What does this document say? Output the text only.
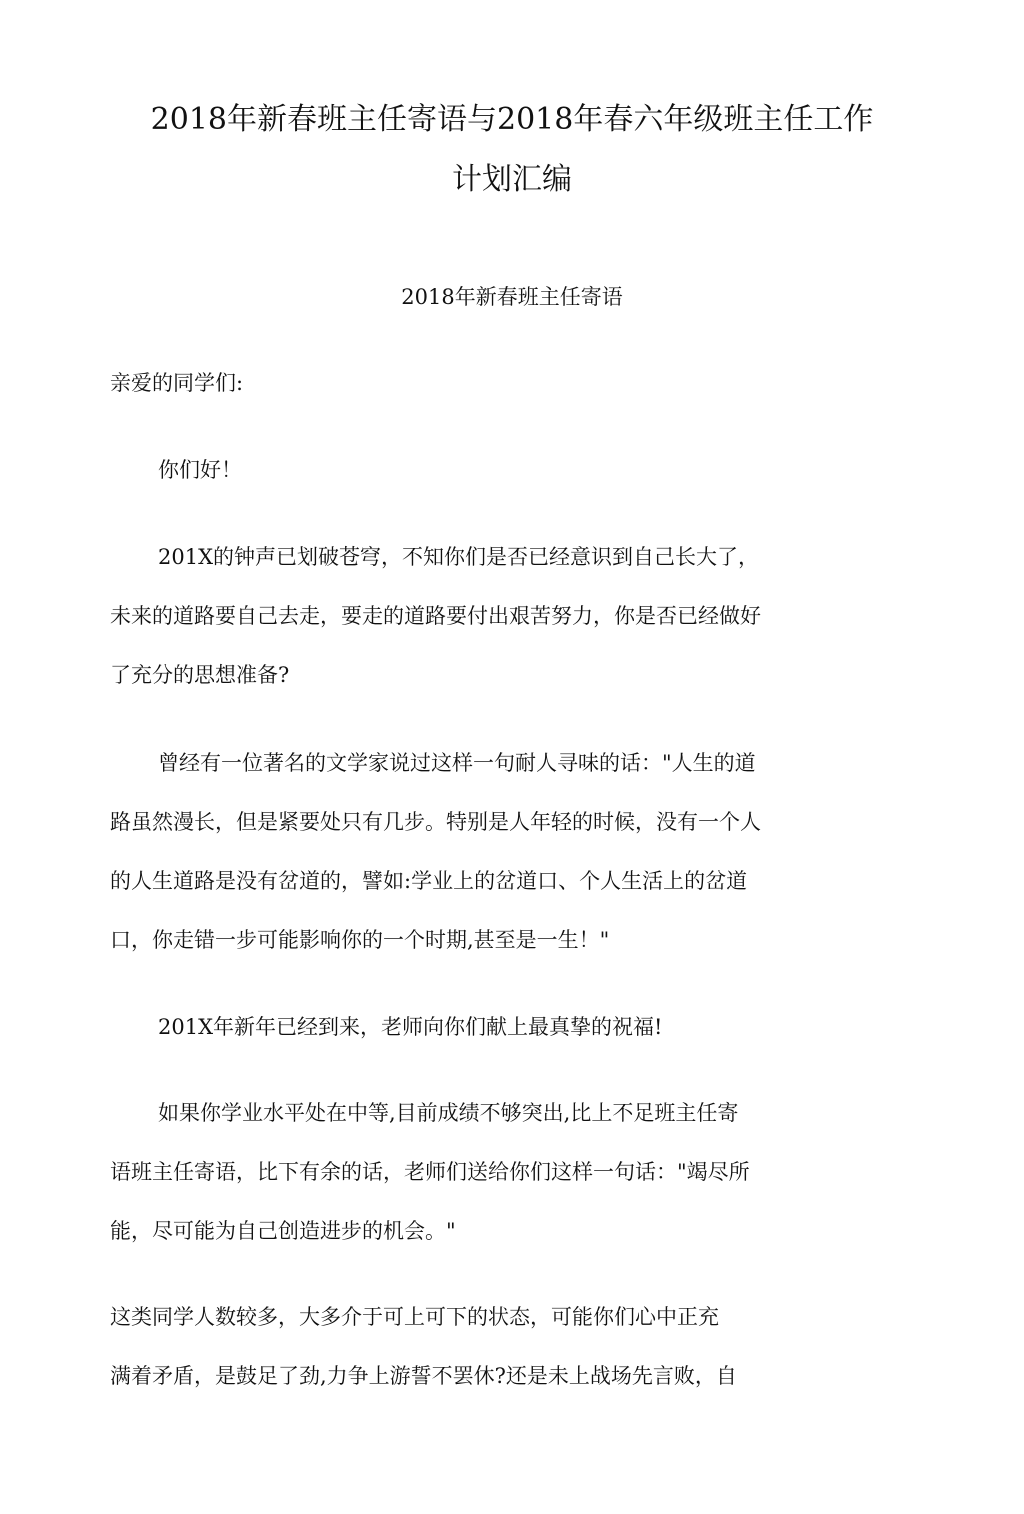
2018年新春班主任寄语与2018年春六年级班主任工作
计划汇编
2018年新春班主任寄语
亲爱的同学们:
你们好！
201X的钟声已划破苍穹，不知你们是否已经意识到自己长大了，
未来的道路要自己去走，要走的道路要付出艰苦努力，你是否已经做好
了充分的思想准备?
曾经有一位著名的文学家说过这样一句耐人寻味的话："人生的道
路虽然漫长，但是紧要处只有几步。特别是人年轻的时候，没有一个人
的人生道路是没有岔道的，譬如:学业上的岔道口、个人生活上的岔道
口，你走错一步可能影响你的一个时期,甚至是一生！"
201X年新年已经到来，老师向你们献上最真挚的祝福!
如果你学业水平处在中等,目前成绩不够突出,比上不足班主任寄
语班主任寄语，比下有余的话，老师们送给你们这样一句话："竭尽所
能，尽可能为自己创造进步的机会。"
这类同学人数较多，大多介于可上可下的状态，可能你们心中正充
满着矛盾，是鼓足了劲,力争上游誓不罢休?还是未上战场先言败，自
